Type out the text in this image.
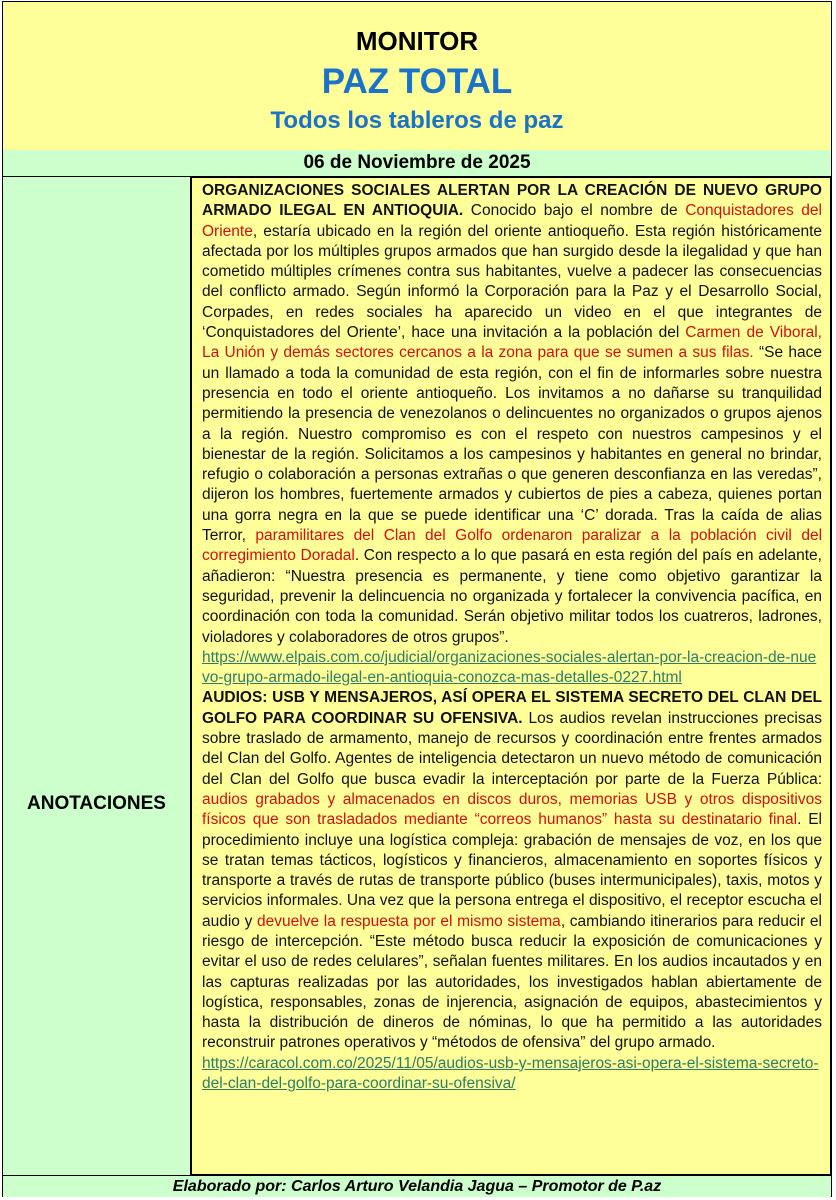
MONITOR
PAZ TOTAL
Todos los tableros de paz
06 de Noviembre de 2025
ANOTACIONES

ORGANIZACIONES SOCIALES ALERTAN POR LA CREACIÓN DE NUEVO GRUPO ARMADO ILEGAL EN ANTIOQUIA. Conocido bajo el nombre de Conquistadores del Oriente, estaría ubicado en la región del oriente antioqueño. Esta región históricamente afectada por los múltiples grupos armados que han surgido desde la ilegalidad y que han cometido múltiples crímenes contra sus habitantes, vuelve a padecer las consecuencias del conflicto armado. Según informó la Corporación para la Paz y el Desarrollo Social, Corpades, en redes sociales ha aparecido un video en el que integrantes de ‘Conquistadores del Oriente’, hace una invitación a la población del Carmen de Viboral, La Unión y demás sectores cercanos a la zona para que se sumen a sus filas. “Se hace un llamado a toda la comunidad de esta región, con el fin de informarles sobre nuestra presencia en todo el oriente antioqueño. Los invitamos a no dañarse su tranquilidad permitiendo la presencia de venezolanos o delincuentes no organizados o grupos ajenos a la región. Nuestro compromiso es con el respeto con nuestros campesinos y el bienestar de la región. Solicitamos a los campesinos y habitantes en general no brindar, refugio o colaboración a personas extrañas o que generen desconfianza en las veredas”, dijeron los hombres, fuertemente armados y cubiertos de pies a cabeza, quienes portan una gorra negra en la que se puede identificar una ‘C’ dorada. Tras la caída de alias Terror, paramilitares del Clan del Golfo ordenaron paralizar a la población civil del corregimiento Doradal. Con respecto a lo que pasará en esta región del país en adelante, añadieron: “Nuestra presencia es permanente, y tiene como objetivo garantizar la seguridad, prevenir la delincuencia no organizada y fortalecer la convivencia pacífica, en coordinación con toda la comunidad. Serán objetivo militar todos los cuatreros, ladrones, violadores y colaboradores de otros grupos”.
https://www.elpais.com.co/judicial/organizaciones-sociales-alertan-por-la-creacion-de-nuevo-grupo-armado-ilegal-en-antioquia-conozca-mas-detalles-0227.html

AUDIOS: USB Y MENSAJEROS, ASÍ OPERA EL SISTEMA SECRETO DEL CLAN DEL GOLFO PARA COORDINAR SU OFENSIVA. Los audios revelan instrucciones precisas sobre traslado de armamento, manejo de recursos y coordinación entre frentes armados del Clan del Golfo. Agentes de inteligencia detectaron un nuevo método de comunicación del Clan del Golfo que busca evadir la interceptación por parte de la Fuerza Pública: audios grabados y almacenados en discos duros, memorias USB y otros dispositivos físicos que son trasladados mediante “correos humanos” hasta su destinatario final. El procedimiento incluye una logística compleja: grabación de mensajes de voz, en los que se tratan temas tácticos, logísticos y financieros, almacenamiento en soportes físicos y transporte a través de rutas de transporte público (buses intermunicipales), taxis, motos y servicios informales. Una vez que la persona entrega el dispositivo, el receptor escucha el audio y devuelve la respuesta por el mismo sistema, cambiando itinerarios para reducir el riesgo de intercepción. “Este método busca reducir la exposición de comunicaciones y evitar el uso de redes celulares”, señalan fuentes militares. En los audios incautados y en las capturas realizadas por las autoridades, los investigados hablan abiertamente de logística, responsables, zonas de injerencia, asignación de equipos, abastecimientos y hasta la distribución de dineros de nóminas, lo que ha permitido a las autoridades reconstruir patrones operativos y “métodos de ofensiva” del grupo armado.
https://caracol.com.co/2025/11/05/audios-usb-y-mensajeros-asi-opera-el-sistema-secreto-del-clan-del-golfo-para-coordinar-su-ofensiva/

Elaborado por: Carlos Arturo Velandia Jagua – Promotor de P.az
